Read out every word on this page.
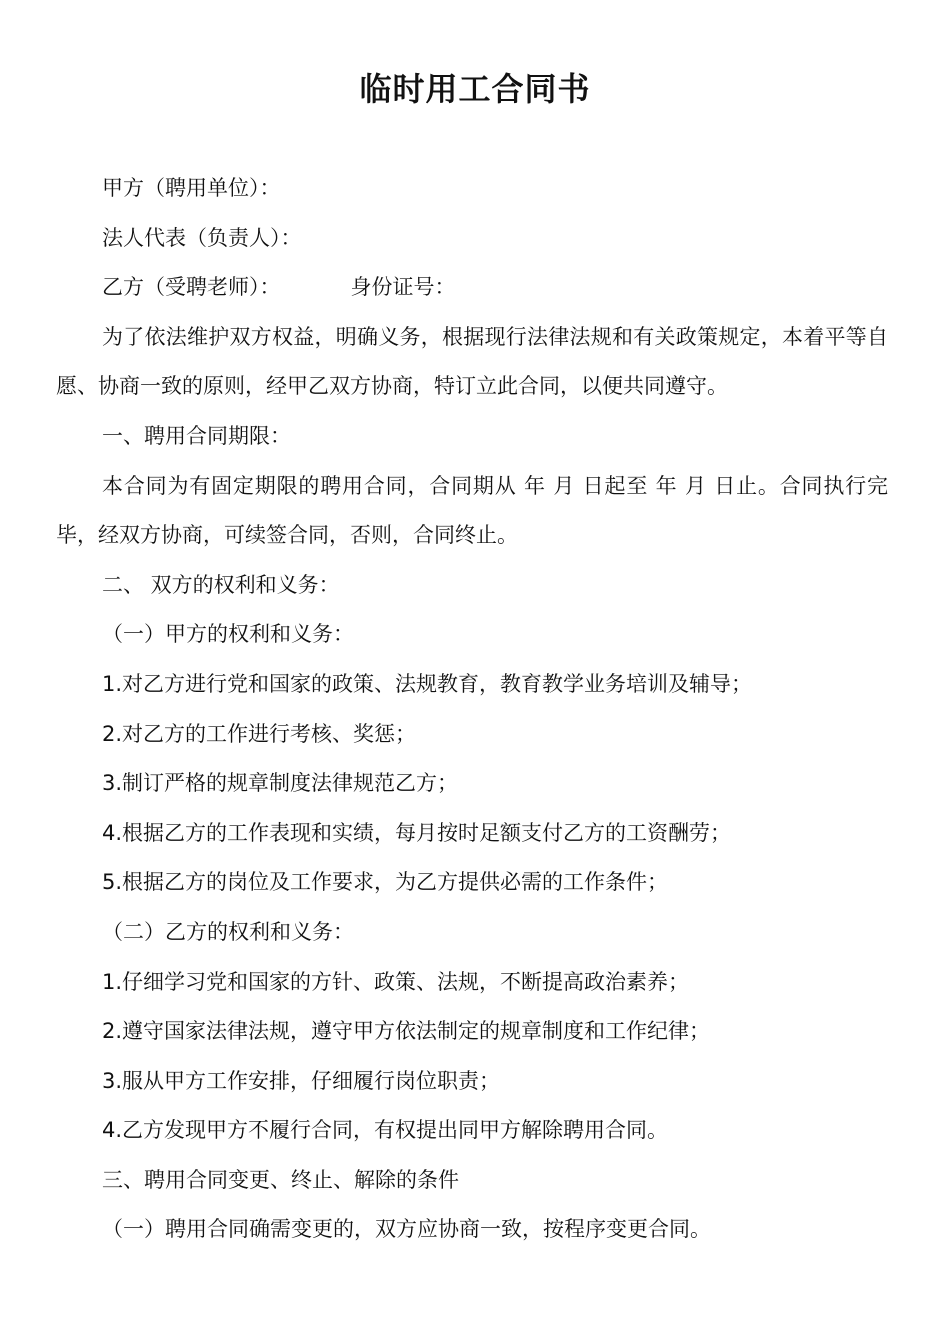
临时用工合同书

甲方（聘用单位）：

法人代表（负责人）：

乙方（受聘老师）：	身份证号：

为了依法维护双方权益，明确义务，根据现行法律法规和有关政策规定，本着平等自愿、协商一致的原则，经甲乙双方协商，特订立此合同，以便共同遵守。

一、聘用合同期限：

本合同为有固定期限的聘用合同，合同期从 年 月 日起至 年 月 日止。合同执行完毕，经双方协商，可续签合同，否则，合同终止。

二、 双方的权利和义务：

（一）甲方的权利和义务：

1.对乙方进行党和国家的政策、法规教育，教育教学业务培训及辅导；

2.对乙方的工作进行考核、奖惩；

3.制订严格的规章制度法律规范乙方；

4.根据乙方的工作表现和实绩，每月按时足额支付乙方的工资酬劳；

5.根据乙方的岗位及工作要求，为乙方提供必需的工作条件；

（二）乙方的权利和义务：

1.仔细学习党和国家的方针、政策、法规，不断提高政治素养；

2.遵守国家法律法规，遵守甲方依法制定的规章制度和工作纪律；

3.服从甲方工作安排，仔细履行岗位职责；

4.乙方发现甲方不履行合同，有权提出同甲方解除聘用合同。

三、聘用合同变更、终止、解除的条件

（一）聘用合同确需变更的，双方应协商一致，按程序变更合同。
